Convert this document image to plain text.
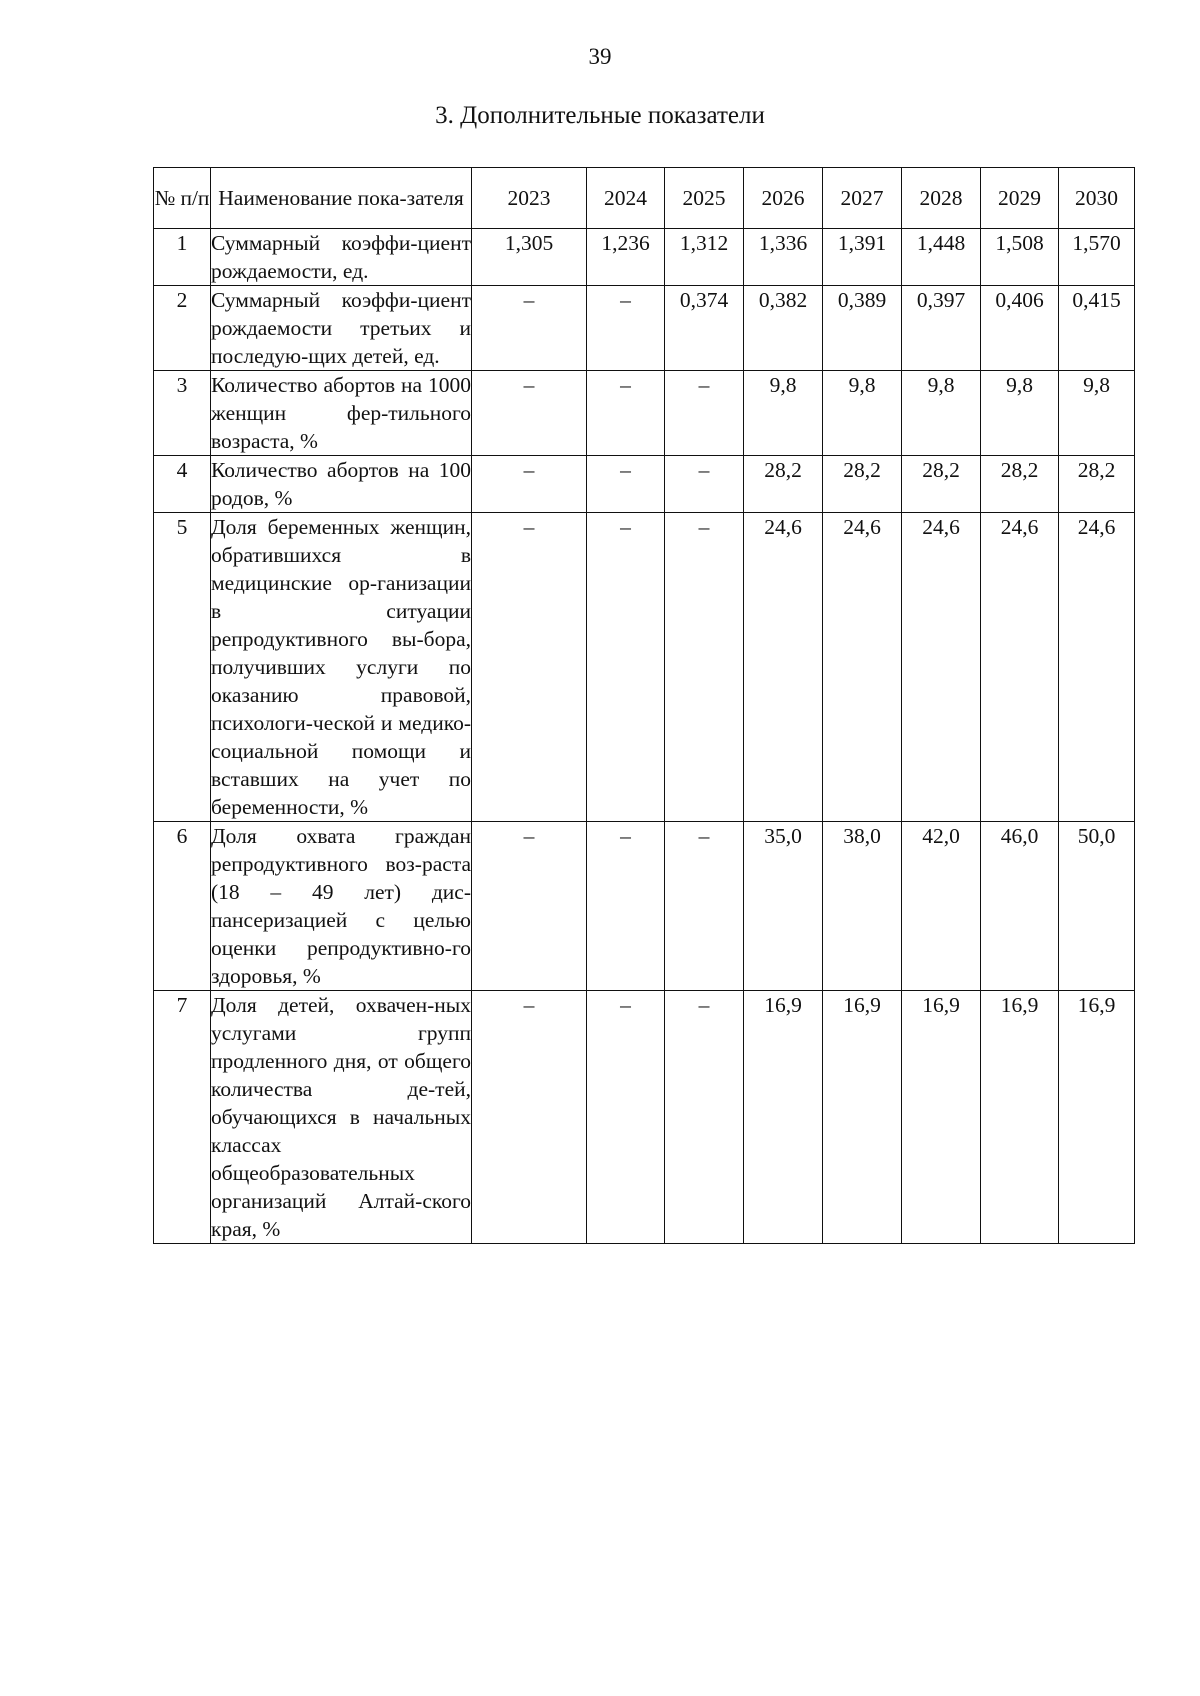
39
3. Дополнительные показатели
№ п/п	Наименование пока-зателя	2023	2024	2025	2026	2027	2028	2029	2030
1	Суммарный коэффи-циент рождаемости, ед.	1,305	1,236	1,312	1,336	1,391	1,448	1,508	1,570
2	Суммарный коэффи-циент рождаемости третьих и последую-щих детей, ед.	–	–	0,374	0,382	0,389	0,397	0,406	0,415
3	Количество абортов на 1000 женщин фер-тильного возраста, %	–	–	–	9,8	9,8	9,8	9,8	9,8
4	Количество абортов на 100 родов, %	–	–	–	28,2	28,2	28,2	28,2	28,2
5	Доля беременных женщин, обратившихся в медицинские ор-ганизации в ситуации репродуктивного вы-бора, получивших услуги по оказанию правовой, психологи-ческой и медико-социальной помощи и вставших на учет по беременности, %	–	–	–	24,6	24,6	24,6	24,6	24,6
6	Доля охвата граждан репродуктивного воз-раста (18 – 49 лет) дис-пансеризацией с целью оценки репродуктивно-го здоровья, %	–	–	–	35,0	38,0	42,0	46,0	50,0
7	Доля детей, охвачен-ных услугами групп продленного дня, от общего количества де-тей, обучающихся в начальных классах общеобразовательных организаций Алтай-ского края, %	–	–	–	16,9	16,9	16,9	16,9	16,9
